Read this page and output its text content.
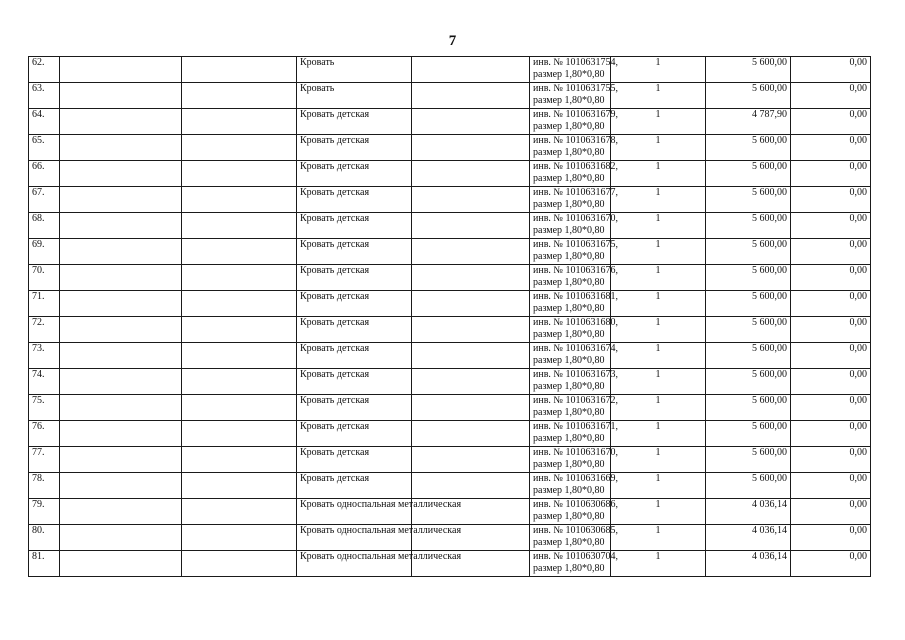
7
62.			Кровать		инв. № 1010631754,
размер 1,80*0,80	1	5 600,00	0,00
63.			Кровать		инв. № 1010631755,
размер 1,80*0,80	1	5 600,00	0,00
64.			Кровать детская		инв. № 1010631679,
размер 1,80*0,80	1	4 787,90	0,00
65.			Кровать детская		инв. № 1010631678,
размер 1,80*0,80	1	5 600,00	0,00
66.			Кровать детская		инв. № 1010631682,
размер 1,80*0,80	1	5 600,00	0,00
67.			Кровать детская		инв. № 1010631677,
размер 1,80*0,80	1	5 600,00	0,00
68.			Кровать детская		инв. № 1010631670,
размер 1,80*0,80	1	5 600,00	0,00
69.			Кровать детская		инв. № 1010631675,
размер 1,80*0,80	1	5 600,00	0,00
70.			Кровать детская		инв. № 1010631676,
размер 1,80*0,80	1	5 600,00	0,00
71.			Кровать детская		инв. № 1010631681,
размер 1,80*0,80	1	5 600,00	0,00
72.			Кровать детская		инв. № 1010631680,
размер 1,80*0,80	1	5 600,00	0,00
73.			Кровать детская		инв. № 1010631674,
размер 1,80*0,80	1	5 600,00	0,00
74.			Кровать детская		инв. № 1010631673,
размер 1,80*0,80	1	5 600,00	0,00
75.			Кровать детская		инв. № 1010631672,
размер 1,80*0,80	1	5 600,00	0,00
76.			Кровать детская		инв. № 1010631671,
размер 1,80*0,80	1	5 600,00	0,00
77.			Кровать детская		инв. № 1010631670,
размер 1,80*0,80	1	5 600,00	0,00
78.			Кровать детская		инв. № 1010631669,
размер 1,80*0,80	1	5 600,00	0,00
79.			Кровать односпальная металлическая		инв. № 1010630686,
размер 1,80*0,80	1	4 036,14	0,00
80.			Кровать односпальная металлическая		инв. № 1010630685,
размер 1,80*0,80	1	4 036,14	0,00
81.			Кровать односпальная металлическая		инв. № 1010630704,
размер 1,80*0,80	1	4 036,14	0,00
